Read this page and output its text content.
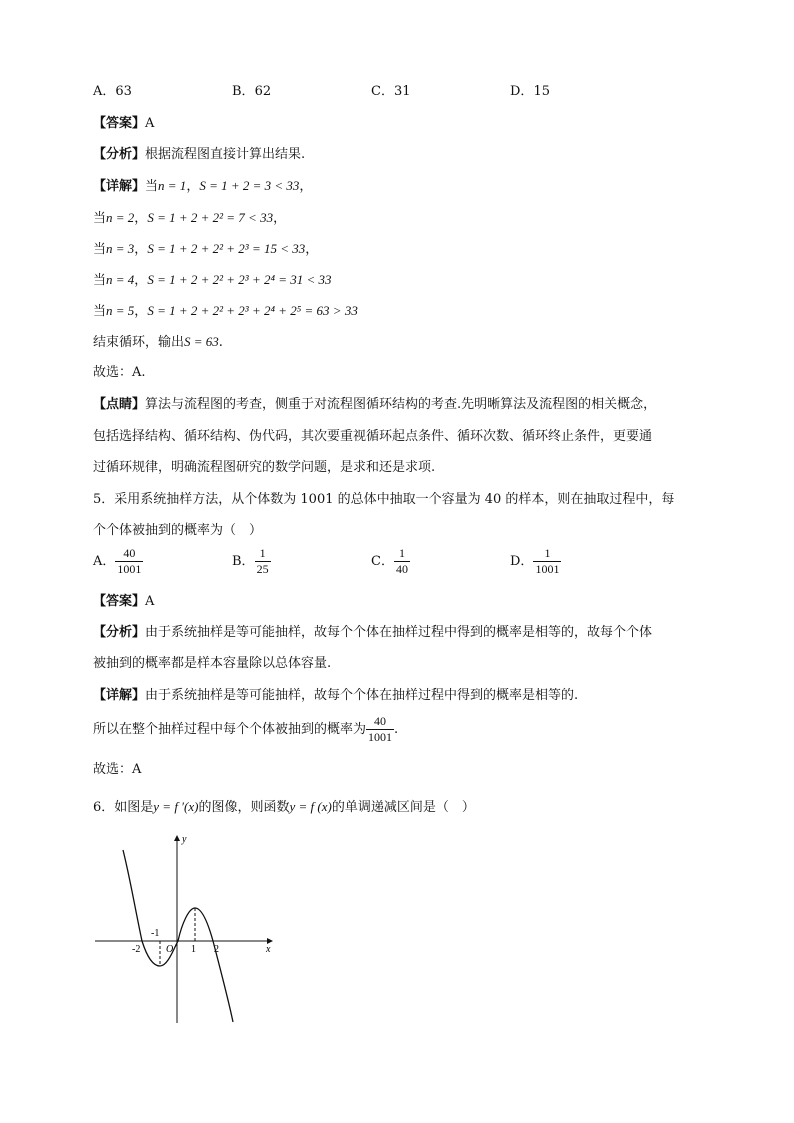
A．63	B．62	C．31	D．15
【答案】A
【分析】根据流程图直接计算出结果.
【详解】当n = 1，S = 1 + 2 = 3 < 33，
当n = 2，S = 1 + 2 + 2² = 7 < 33，
当n = 3，S = 1 + 2 + 2² + 2³ = 15 < 33，
当n = 4，S = 1 + 2 + 2² + 2³ + 2⁴ = 31 < 33
当n = 5，S = 1 + 2 + 2² + 2³ + 2⁴ + 2⁵ = 63 > 33
结束循环，输出S = 63.
故选：A.
【点睛】算法与流程图的考查，侧重于对流程图循环结构的考查.先明晰算法及流程图的相关概念，
包括选择结构、循环结构、伪代码，其次要重视循环起点条件、循环次数、循环终止条件，更要通
过循环规律，明确流程图研究的数学问题，是求和还是求项.
5．采用系统抽样方法，从个体数为 1001 的总体中抽取一个容量为 40 的样本，则在抽取过程中，每
个个体被抽到的概率为（　）
A． $\frac{40}{1001}$	B． $\frac{1}{25}$	C． $\frac{1}{40}$	D． $\frac{1}{1001}$
【答案】A
【分析】由于系统抽样是等可能抽样，故每个个体在抽样过程中得到的概率是相等的，故每个个体
被抽到的概率都是样本容量除以总体容量.
【详解】由于系统抽样是等可能抽样，故每个个体在抽样过程中得到的概率是相等的.
所以在整个抽样过程中每个个体被抽到的概率为 $\frac{40}{1001}$ .
故选：A
6．如图是y = f ′(x)的图像，则函数y = f (x)的单调递减区间是（　）
x
y
O
-2
-1
1 2
